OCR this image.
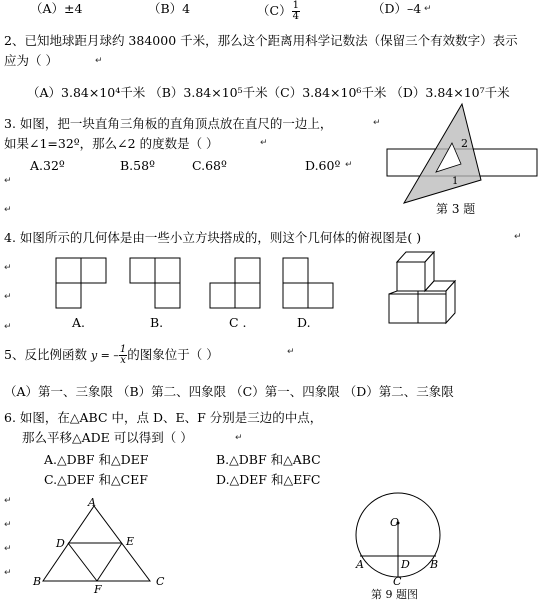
（A）±4	（B）4	$(C) \frac{1}{4}$	（D）–4
2、已知地球距月球约 384000 千米，那么这个距离用科学记数法（保留三个有效数字）表示
应为（ ）
（A）3.84×10⁴千米 （B）3.84×10⁵千米（C）3.84×10⁶千米 （D）3.84×10⁷千米
3. 如图，把一块直角三角板的直角顶点放在直尺的一边上，
如果∠1=32º，那么∠2 的度数是（ ）
A.32º	B.58º	C.68º	D.60º
4. 如图所示的几何体是由一些小立方块搭成的，则这个几何体的俯视图是( )
A.	B.	C .	D.
5、反比例函数 y = – $\frac{1}{x}$ 的图象位于（ ）
（A）第一、三象限 （B）第二、四象限 （C）第一、四象限 （D）第二、三象限
6. 如图，在△ABC 中，点 D、E、F 分别是三边的中点，
那么平移△ADE 可以得到（ ）
A.△DBF 和△DEF	B.△DBF 和△ABC
C.△DEF 和△CEF	D.△DEF 和△EFC
↵
↵
↵
↵
↵
↵
↵
↵
↵
↵
↵
↵
↵
↵
↵
↵
↵
2
1
第 3 题
A
B	C
D	E
F
O
A	B
C
D
第 9 题图
